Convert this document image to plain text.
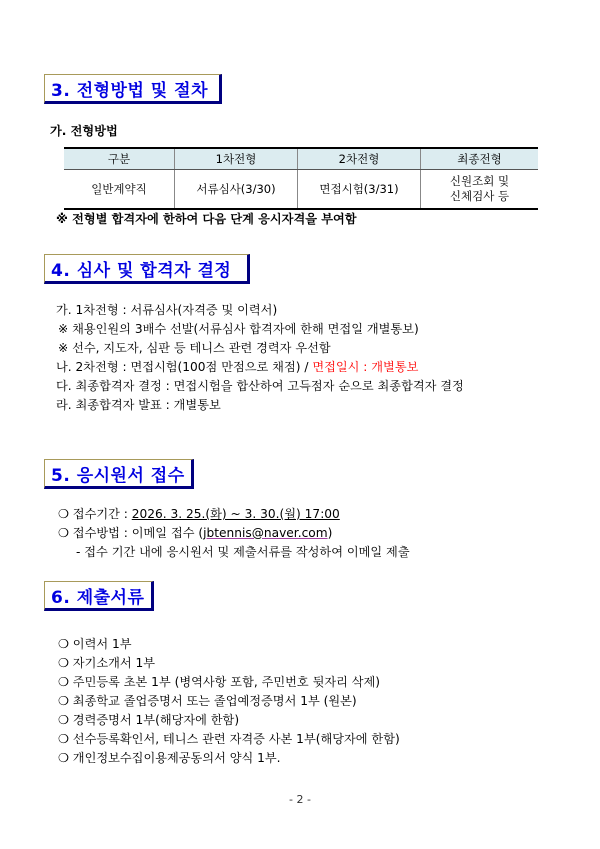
3. 전형방법 및 절차
가. 전형방법
구분	1차전형	2차전형	최종전형
일반계약직	서류심사(3/30)	면접시험(3/31)	신원조회 및
신체검사 등
※ 전형별 합격자에 한하여 다음 단계 응시자격을 부여함
4. 심사 및 합격자 결정
가. 1차전형 : 서류심사(자격증 및 이력서)
※ 채용인원의 3배수 선발(서류심사 합격자에 한해 면접일 개별통보)
※ 선수, 지도자, 심판 등 테니스 관련 경력자 우선함
나. 2차전형 : 면접시험(100점 만점으로 채점) / 면접일시 : 개별통보
다. 최종합격자 결정 : 면접시험을 합산하여 고득점자 순으로 최종합격자 결정
라. 최종합격자 발표 : 개별통보
5. 응시원서 접수
❍ 접수기간 : 2026. 3. 25.(화) ~ 3. 30.(월) 17:00
❍ 접수방법 : 이메일 접수 (jbtennis@naver.com)
- 접수 기간 내에 응시원서 및 제출서류를 작성하여 이메일 제출
6. 제출서류
❍ 이력서 1부
❍ 자기소개서 1부
❍ 주민등록 초본 1부 (병역사항 포함, 주민번호 뒷자리 삭제)
❍ 최종학교 졸업증명서 또는 졸업예정증명서 1부 (원본)
❍ 경력증명서 1부(해당자에 한함)
❍ 선수등록확인서, 테니스 관련 자격증 사본 1부(해당자에 한함)
❍ 개인정보수집이용제공동의서 양식 1부.
- 2 -
